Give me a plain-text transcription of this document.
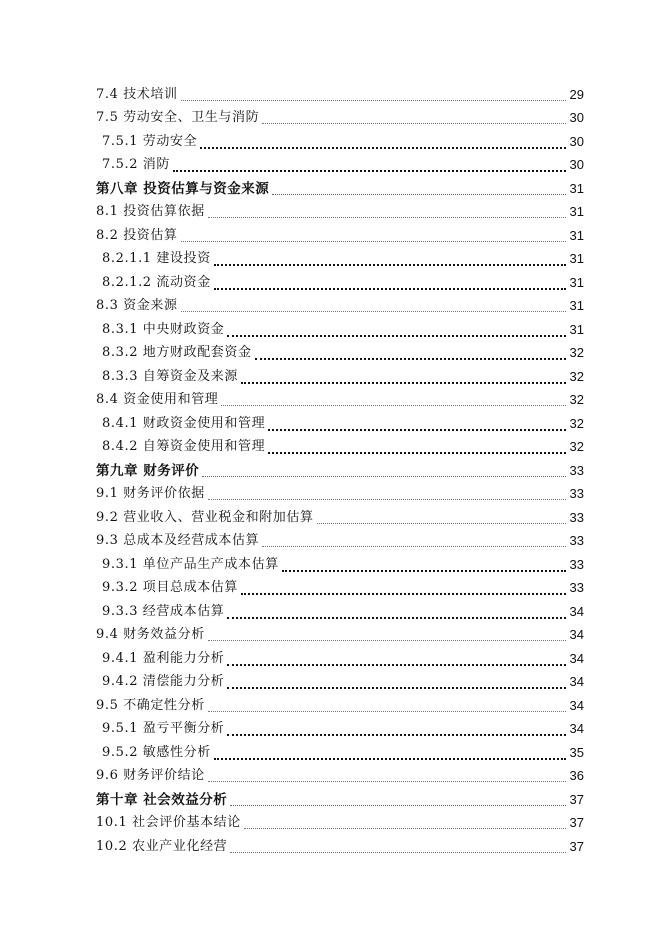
7.4 技术培训	29
7.5 劳动安全、卫生与消防	30
7.5.1 劳动安全	30
7.5.2 消防	30
第八章 投资估算与资金来源	31
8.1 投资估算依据	31
8.2 投资估算	31
8.2.1.1 建设投资	31
8.2.1.2 流动资金	31
8.3 资金来源	31
8.3.1 中央财政资金	31
8.3.2 地方财政配套资金	32
8.3.3 自筹资金及来源	32
8.4 资金使用和管理	32
8.4.1 财政资金使用和管理	32
8.4.2 自筹资金使用和管理	32
第九章 财务评价	33
9.1 财务评价依据	33
9.2 营业收入、营业税金和附加估算	33
9.3 总成本及经营成本估算	33
9.3.1 单位产品生产成本估算	33
9.3.2 项目总成本估算	33
9.3.3 经营成本估算	34
9.4 财务效益分析	34
9.4.1 盈利能力分析	34
9.4.2 清偿能力分析	34
9.5 不确定性分析	34
9.5.1 盈亏平衡分析	34
9.5.2 敏感性分析	35
9.6 财务评价结论	36
第十章 社会效益分析	37
10.1 社会评价基本结论	37
10.2 农业产业化经营	37
